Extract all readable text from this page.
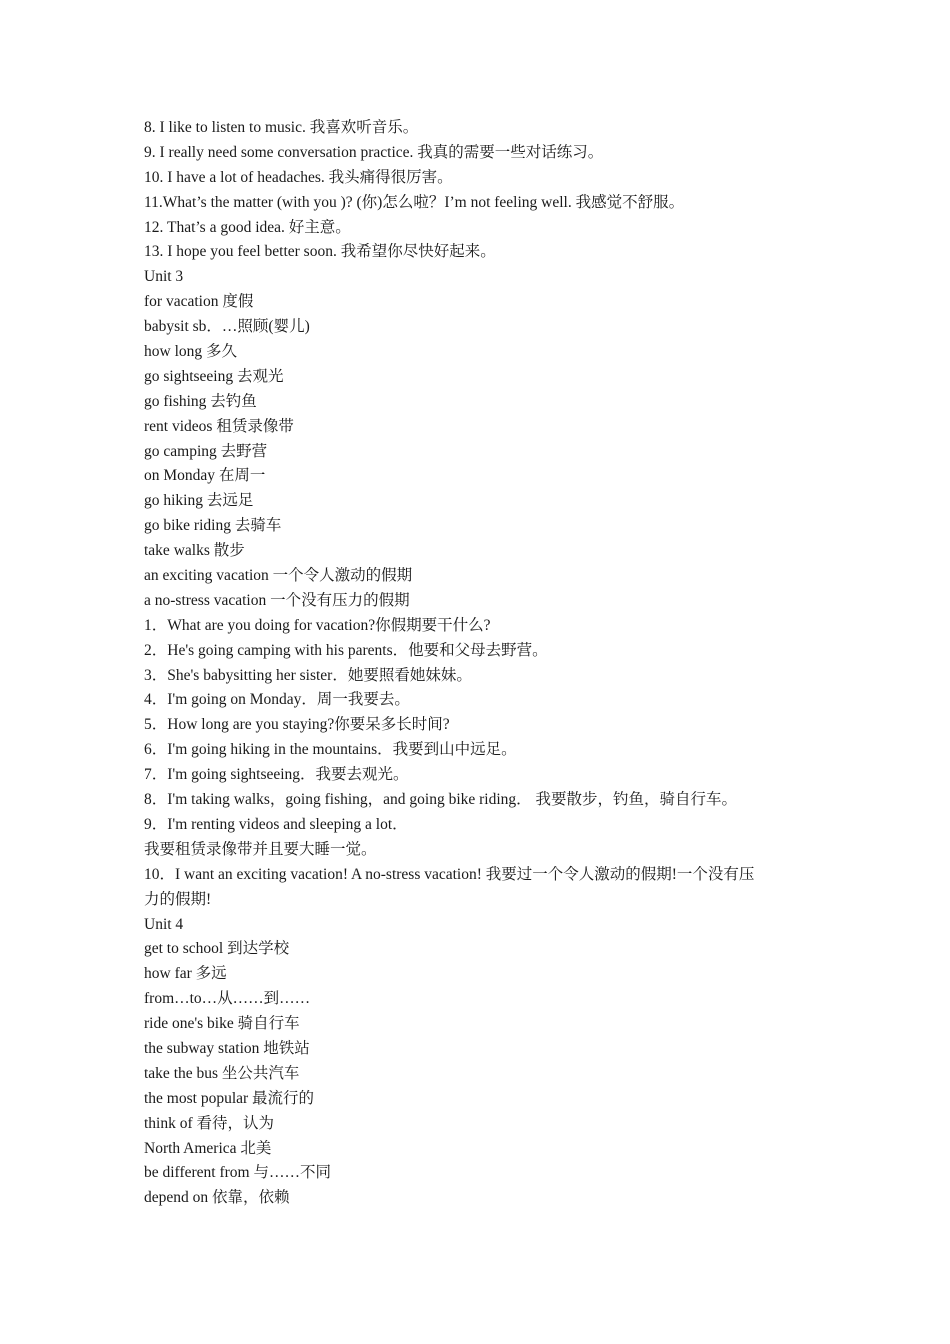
8. I like to listen to music. 我喜欢听音乐。
9. I really need some conversation practice. 我真的需要一些对话练习。
10. I have a lot of headaches. 我头痛得很厉害。
11.What’s the matter (with you )? (你)怎么啦？I’m not feeling well. 我感觉不舒服。
12. That’s a good idea. 好主意。
13. I hope you feel better soon. 我希望你尽快好起来。
Unit 3
for vacation 度假
babysit sb．…照顾(婴儿)
how long 多久
go sightseeing 去观光
go fishing 去钓鱼
rent videos 租赁录像带
go camping 去野营
on Monday 在周一
go hiking 去远足
go bike riding 去骑车
take walks 散步
an exciting vacation 一个令人激动的假期
a no-stress vacation 一个没有压力的假期
1．What are you doing for vacation?你假期要干什么?
2．He's going camping with his parents．他要和父母去野营。
3．She's babysitting her sister．她要照看她妹妹。
4．I'm going on Monday．周一我要去。
5．How long are you staying?你要呆多长时间?
6．I'm going hiking in the mountains．我要到山中远足。
7．I'm going sightseeing．我要去观光。
8．I'm taking walks，going fishing，and going bike riding． 我要散步，钓鱼，骑自行车。
9．I'm renting videos and sleeping a lot．
我要租赁录像带并且要大睡一觉。
10．I want an exciting vacation! A no-stress vacation! 我要过一个令人激动的假期!一个没有压
力的假期!
Unit 4
get to school 到达学校
how far 多远
from…to…从……到……
ride one's bike 骑自行车
the subway station 地铁站
take the bus 坐公共汽车
the most popular 最流行的
think of 看待，认为
North America 北美
be different from 与……不同
depend on 依靠，依赖
